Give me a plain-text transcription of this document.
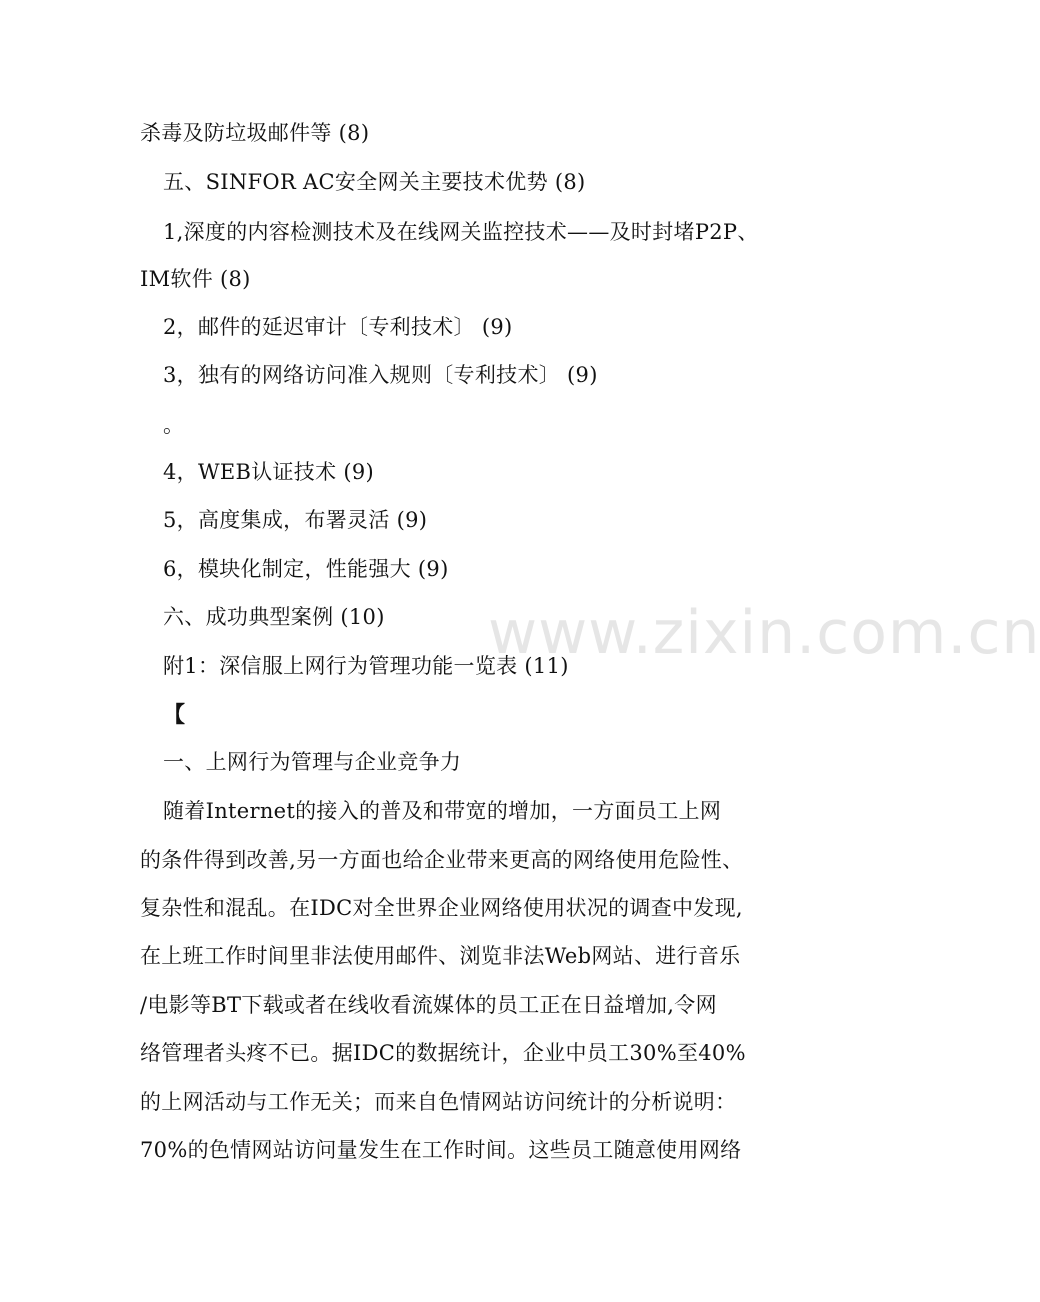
www.zixin.com.cn
杀毒及防垃圾邮件等 (8)
五、SINFOR AC安全网关主要技术优势 (8)
1,深度的内容检测技术及在线网关监控技术——及时封堵P2P、
IM软件 (8)
2，邮件的延迟审计〔专利技术〕 (9)
3，独有的网络访问准入规则〔专利技术〕 (9)
。
4，WEB认证技术 (9)
5，高度集成，布署灵活 (9)
6，模块化制定，性能强大 (9)
六、成功典型案例 (10)
附1：深信服上网行为管理功能一览表 (11)
【
一、上网行为管理与企业竞争力
随着Internet的接入的普及和带宽的增加，一方面员工上网
的条件得到改善,另一方面也给企业带来更高的网络使用危险性、
复杂性和混乱。在IDC对全世界企业网络使用状况的调查中发现,
在上班工作时间里非法使用邮件、浏览非法Web网站、进行音乐
/电影等BT下载或者在线收看流媒体的员工正在日益增加,令网
络管理者头疼不已。据IDC的数据统计，企业中员工30%至40%
的上网活动与工作无关；而来自色情网站访问统计的分析说明：
70%的色情网站访问量发生在工作时间。这些员工随意使用网络
